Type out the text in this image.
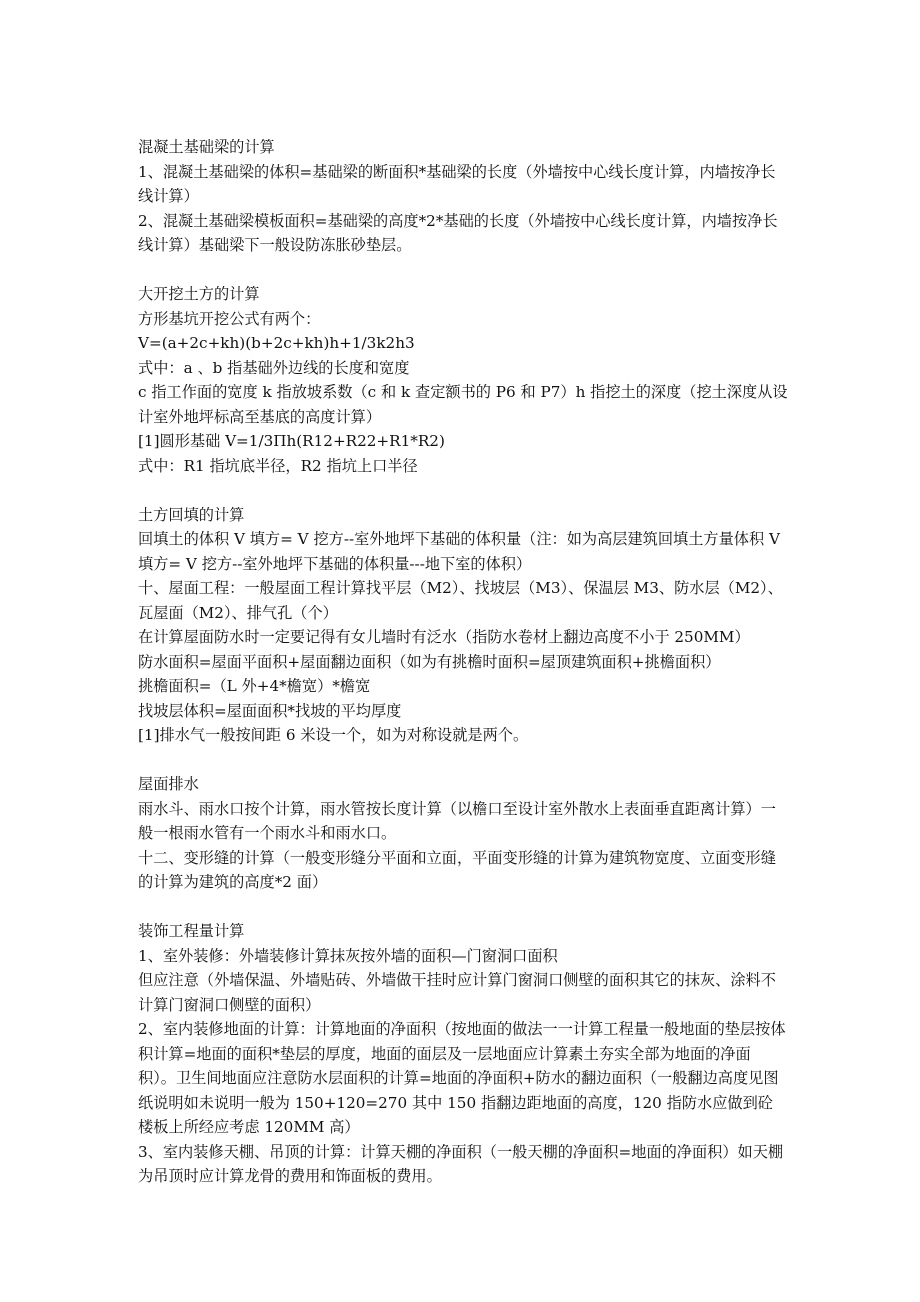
混凝土基础梁的计算

1、混凝土基础梁的体积=基础梁的断面积*基础梁的长度（外墙按中心线长度计算，内墙按净长线计算）

2、混凝土基础梁模板面积=基础梁的高度*2*基础的长度（外墙按中心线长度计算，内墙按净长线计算）基础梁下一般设防冻胀砂垫层。

大开挖土方的计算

方形基坑开挖公式有两个：

V=(a+2c+kh)(b+2c+kh)h+1/3k2h3

式中：a 、b 指基础外边线的长度和宽度

c 指工作面的宽度 k 指放坡系数（c 和 k 查定额书的 P6 和 P7）h 指挖土的深度（挖土深度从设计室外地坪标高至基底的高度计算）

[1]圆形基础 V=1/3Πh(R12+R22+R1*R2)

式中：R1 指坑底半径，R2 指坑上口半径

土方回填的计算

回填土的体积 V 填方= V 挖方--室外地坪下基础的体积量（注：如为高层建筑回填土方量体积 V 填方= V 挖方--室外地坪下基础的体积量---地下室的体积）

十、屋面工程：一般屋面工程计算找平层（M2）、找坡层（M3）、保温层 M3、防水层（M2）、瓦屋面（M2）、排气孔（个）

在计算屋面防水时一定要记得有女儿墙时有泛水（指防水卷材上翻边高度不小于 250MM）

防水面积=屋面平面积+屋面翻边面积（如为有挑檐时面积=屋顶建筑面积+挑檐面积）

挑檐面积=（L 外+4*檐宽）*檐宽

找坡层体积=屋面面积*找坡的平均厚度

[1]排水气一般按间距 6 米设一个，如为对称设就是两个。

屋面排水

雨水斗、雨水口按个计算，雨水管按长度计算（以檐口至设计室外散水上表面垂直距离计算）一般一根雨水管有一个雨水斗和雨水口。

十二、变形缝的计算（一般变形缝分平面和立面，平面变形缝的计算为建筑物宽度、立面变形缝的计算为建筑的高度*2 面）

装饰工程量计算

1、室外装修：外墙装修计算抹灰按外墙的面积—门窗洞口面积

但应注意（外墙保温、外墙贴砖、外墙做干挂时应计算门窗洞口侧壁的面积其它的抹灰、涂料不计算门窗洞口侧壁的面积）

2、室内装修地面的计算：计算地面的净面积（按地面的做法一一计算工程量一般地面的垫层按体积计算=地面的面积*垫层的厚度，地面的面层及一层地面应计算素土夯实全部为地面的净面积）。卫生间地面应注意防水层面积的计算=地面的净面积+防水的翻边面积（一般翻边高度见图纸说明如未说明一般为 150+120=270 其中 150 指翻边距地面的高度，120 指防水应做到砼楼板上所经应考虑 120MM 高）

3、室内装修天棚、吊顶的计算：计算天棚的净面积（一般天棚的净面积=地面的净面积）如天棚为吊顶时应计算龙骨的费用和饰面板的费用。
